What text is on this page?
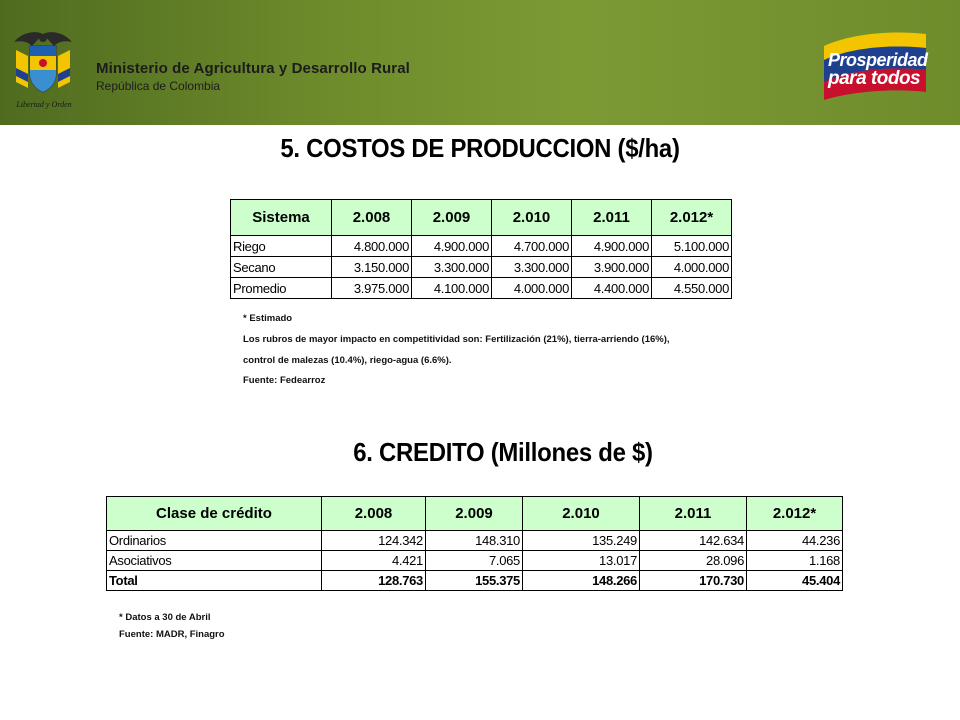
Libertad y Orden
Ministerio de Agricultura y Desarrollo Rural
República de Colombia
Prosperidad
para todos
5. COSTOS DE PRODUCCION ($/ha)
Sistema	2.008	2.009	2.010	2.011	2.012*
Riego	4.800.000	4.900.000	4.700.000	4.900.000	5.100.000
Secano	3.150.000	3.300.000	3.300.000	3.900.000	4.000.000
Promedio	3.975.000	4.100.000	4.000.000	4.400.000	4.550.000
* Estimado
Los rubros de mayor impacto en competitividad son: Fertilización (21%), tierra-arriendo (16%),
control de malezas (10.4%), riego-agua (6.6%).
Fuente: Fedearroz
6. CREDITO (Millones de $)
Clase de crédito	2.008	2.009	2.010	2.011	2.012*
Ordinarios	124.342	148.310	135.249	142.634	44.236
Asociativos	4.421	7.065	13.017	28.096	1.168
Total	128.763	155.375	148.266	170.730	45.404
* Datos a 30 de Abril
Fuente: MADR, Finagro
